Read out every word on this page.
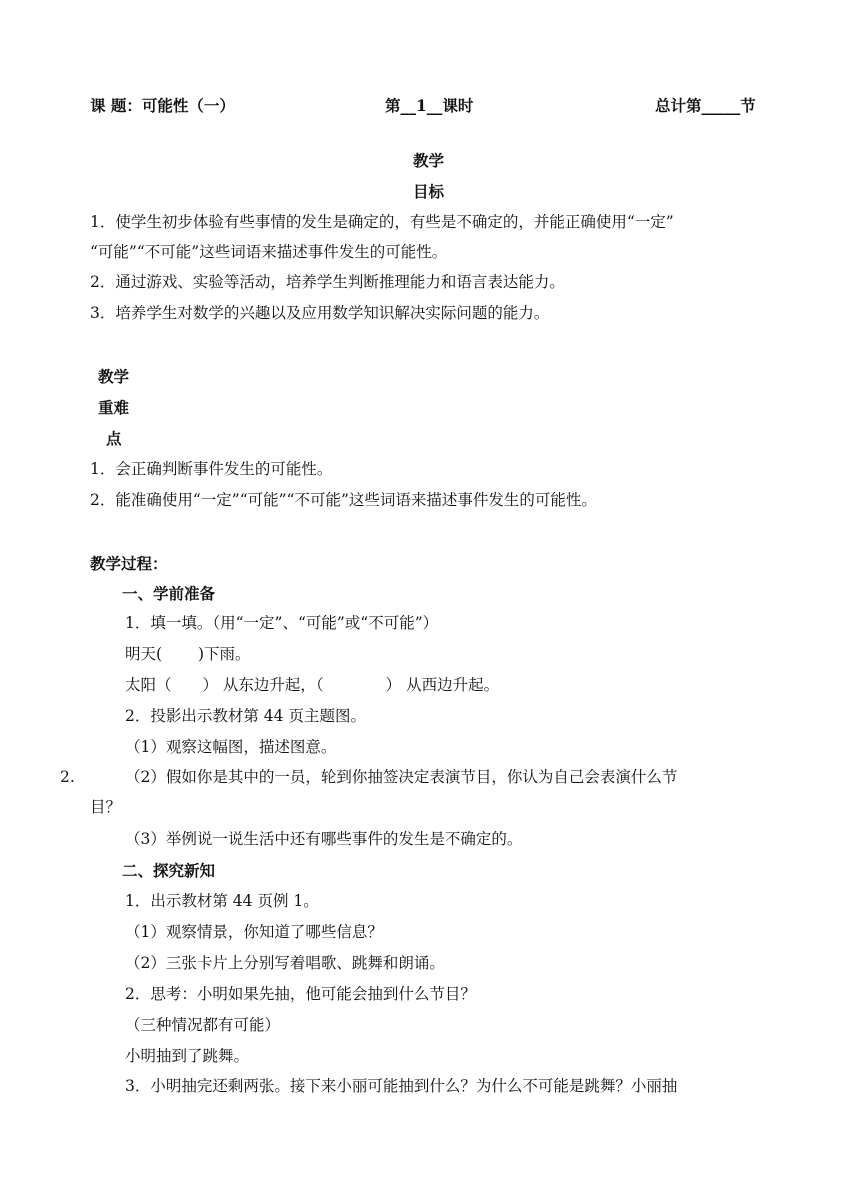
课 题：可能性（一）	第__1__课时	总计第_____节
教学
目标
1．使学生初步体验有些事情的发生是确定的，有些是不确定的，并能正确使用“一定”
“可能”“不可能”这些词语来描述事件发生的可能性。
2．通过游戏、实验等活动，培养学生判断推理能力和语言表达能力。
3．培养学生对数学的兴趣以及应用数学知识解决实际问题的能力。
教学
重难
点
1．会正确判断事件发生的可能性。
2．能准确使用“一定”“可能”“不可能”这些词语来描述事件发生的可能性。
教学过程：
一、学前准备
1．填一填。（用“一定”、“可能”或“不可能”）
明天(　　 )下雨。
太阳（　　） 从东边升起，（　　　　） 从西边升起。
2．投影出示教材第 44 页主题图。
（1）观察这幅图，描述图意。
2.	（2）假如你是其中的一员，轮到你抽签决定表演节目，你认为自己会表演什么节
目？
（3）举例说一说生活中还有哪些事件的发生是不确定的。
二、探究新知
1．出示教材第 44 页例 1。
（1）观察情景，你知道了哪些信息？
（2）三张卡片上分别写着唱歌、跳舞和朗诵。
2．思考：小明如果先抽，他可能会抽到什么节目？
（三种情况都有可能）
小明抽到了跳舞。
3．小明抽完还剩两张。接下来小丽可能抽到什么？为什么不可能是跳舞？小丽抽
